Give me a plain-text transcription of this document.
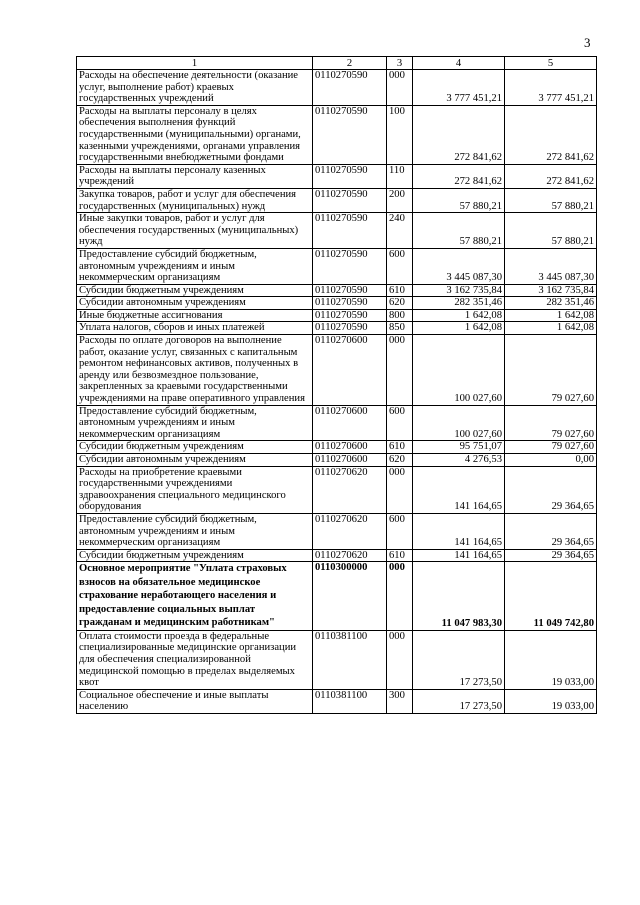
3
1	2	3	4	5
Расходы на обеспечение деятельности (оказание услуг, выполнение работ) краевых государственных учреждений	0110270590	000	3 777 451,21	3 777 451,21
Расходы на выплаты персоналу в целях обеспечения выполнения функций государственными (муниципальными) органами, казенными учреждениями, органами управления государственными внебюджетными фондами	0110270590	100	272 841,62	272 841,62
Расходы на выплаты персоналу казенных учреждений	0110270590	110	272 841,62	272 841,62
Закупка товаров, работ и услуг для обеспечения государственных (муниципальных) нужд	0110270590	200	57 880,21	57 880,21
Иные закупки товаров, работ и услуг для обеспечения государственных (муниципальных) нужд	0110270590	240	57 880,21	57 880,21
Предоставление субсидий бюджетным, автономным учреждениям и иным некоммерческим организациям	0110270590	600	3 445 087,30	3 445 087,30
Субсидии бюджетным учреждениям	0110270590	610	3 162 735,84	3 162 735,84
Субсидии автономным учреждениям	0110270590	620	282 351,46	282 351,46
Иные бюджетные ассигнования	0110270590	800	1 642,08	1 642,08
Уплата налогов, сборов и иных платежей	0110270590	850	1 642,08	1 642,08
Расходы по оплате договоров на выполнение работ, оказание услуг, связанных с капитальным ремонтом нефинансовых активов, полученных в аренду или безвозмездное пользование, закрепленных за краевыми государственными учреждениями на праве оперативного управления	0110270600	000	100 027,60	79 027,60
Предоставление субсидий бюджетным, автономным учреждениям и иным некоммерческим организациям	0110270600	600	100 027,60	79 027,60
Субсидии бюджетным учреждениям	0110270600	610	95 751,07	79 027,60
Субсидии автономным учреждениям	0110270600	620	4 276,53	0,00
Расходы на приобретение краевыми государственными учреждениями здравоохранения специального медицинского оборудования	0110270620	000	141 164,65	29 364,65
Предоставление субсидий бюджетным, автономным учреждениям и иным некоммерческим организациям	0110270620	600	141 164,65	29 364,65
Субсидии бюджетным учреждениям	0110270620	610	141 164,65	29 364,65
Основное мероприятие "Уплата страховых взносов на обязательное медицинское страхование неработающего населения и предоставление социальных выплат гражданам и медицинским работникам"	0110300000	000	11 047 983,30	11 049 742,80
Оплата стоимости проезда в федеральные специализированные медицинские организации для обеспечения специализированной медицинской помощью в пределах выделяемых квот	0110381100	000	17 273,50	19 033,00
Социальное обеспечение и иные выплаты населению	0110381100	300	17 273,50	19 033,00
